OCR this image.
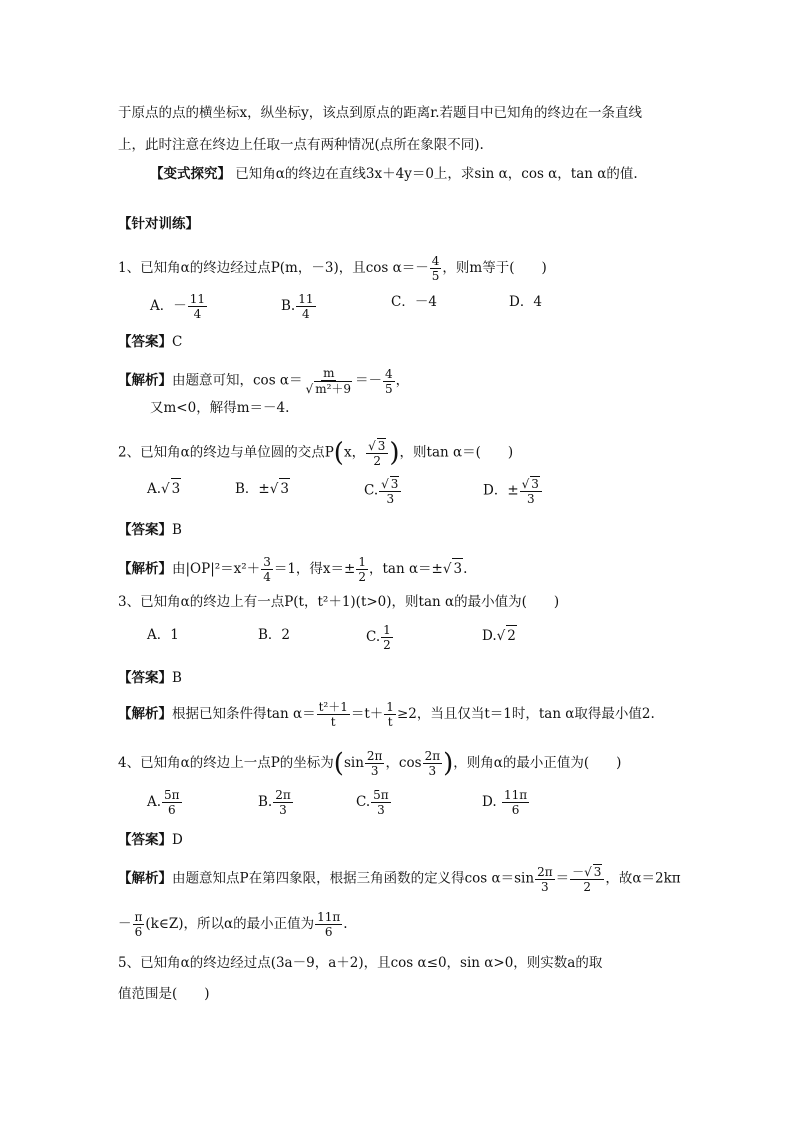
于原点的点的横坐标x，纵坐标y，该点到原点的距离r.若题目中已知角的终边在一条直线
上，此时注意在终边上任取一点有两种情况(点所在象限不同).
【变式探究】 已知角α的终边在直线3x＋4y＝0上，求sin α，cos α，tan α的值.
【针对训练】
1、已知角α的终边经过点P(m，－3)，且$\cos \alpha=- \frac{4}{5}$ ，则m等于(　　)
A．－ $\frac{11}{4}$	B. $\frac{11}{4}$	C．－4	D．4
【答案】C
【解析】由题意可知，$\cos \alpha= \frac{m}{\text{√ m²＋9}} =- \frac{4}{5}$ ，
又m<0，解得m＝－4.
2、已知角α的终边与单位圆的交点P(x， $\frac{√ 3}{2}$ )，则tan α＝(　　)
A.√ 3	B．±√ 3	C. $\frac{√ 3}{3}$	D．± $\frac{√ 3}{3}$
【答案】B
【解析】由$|OP|^2=x^2+ \frac{3}{4} =1$，得$x=\pm \frac{1}{2}$ ，tan α＝±√ 3.
3、已知角α的终边上有一点P(t，t²＋1)(t>0)，则tan α的最小值为(　　)
A．1	B．2	C. $\frac{1}{2}$	D.√ 2
【答案】B
【解析】根据已知条件得$\tan \alpha= \frac{\text{t²＋1}}{t} =t+ \frac{1}{t} \ge 2$，当且仅当t＝1时，tan α取得最小值2.
4、已知角α的终边上一点P的坐标为($\sin \frac{2\pi}{3}$ ，$\cos \frac{2\pi}{3}$ )，则角α的最小正值为(　　)
A. $\frac{5\pi}{6}$	B. $\frac{2\pi}{3}$	C. $\frac{5\pi}{3}$	D. $\frac{11\pi}{6}$
【答案】D
【解析】由题意知点P在第四象限，根据三角函数的定义得$\cos \alpha=\sin \frac{2\pi}{3} = \frac{-√ 3}{2}$ ，故α＝2kπ
－ $\frac{\pi}{6}$ (k∈Z)，所以α的最小正值为 $\frac{11\pi}{6}$ .
5、已知角α的终边经过点(3a－9，a＋2)，且cos α≤0，sin α>0，则实数a的取
值范围是(　　)
